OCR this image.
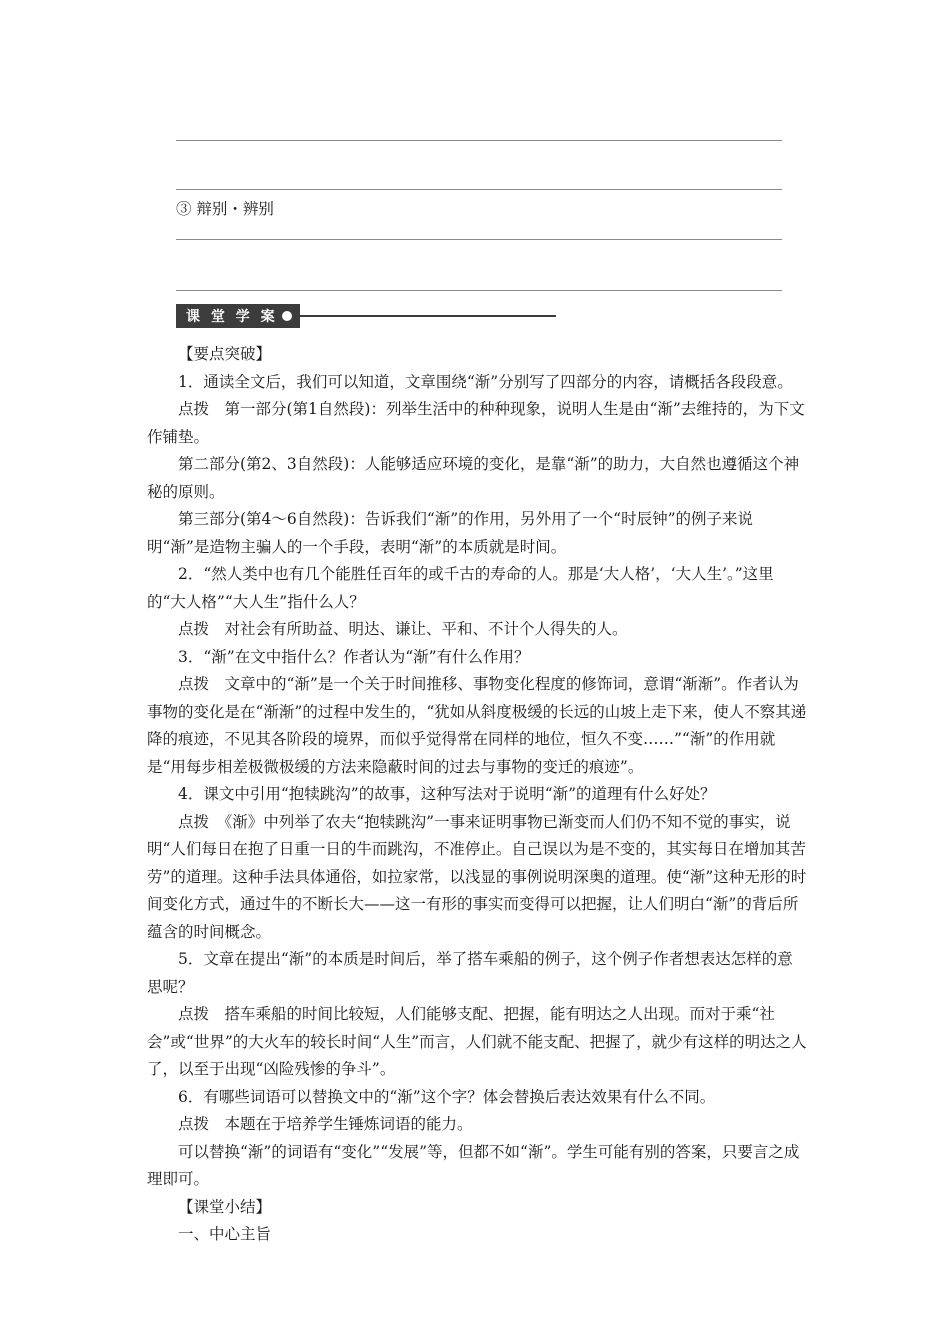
③ 辩别・辨别
课 堂 学 案

【要点突破】

1．通读全文后，我们可以知道，文章围绕“渐”分别写了四部分的内容，请概括各段段意。

点拨　第一部分(第1自然段)：列举生活中的种种现象，说明人生是由“渐”去维持的，为下文作铺垫。

第二部分(第2、3自然段)：人能够适应环境的变化，是靠“渐”的助力，大自然也遵循这个神秘的原则。

第三部分(第4～6自然段)：告诉我们“渐”的作用，另外用了一个“时辰钟”的例子来说明“渐”是造物主骗人的一个手段，表明“渐”的本质就是时间。

2．“然人类中也有几个能胜任百年的或千古的寿命的人。那是‘大人格’，‘大人生’。”这里的“大人格”“大人生”指什么人？

点拨　对社会有所助益、明达、谦让、平和、不计个人得失的人。

3．“渐”在文中指什么？作者认为“渐”有什么作用？

点拨　文章中的“渐”是一个关于时间推移、事物变化程度的修饰词，意谓“渐渐”。作者认为事物的变化是在“渐渐”的过程中发生的，“犹如从斜度极缓的长远的山坡上走下来，使人不察其递降的痕迹，不见其各阶段的境界，而似乎觉得常在同样的地位，恒久不变……”“渐”的作用就是“用每步相差极微极缓的方法来隐蔽时间的过去与事物的变迁的痕迹”。

4．课文中引用“抱犊跳沟”的故事，这种写法对于说明“渐”的道理有什么好处？

点拨　《渐》中列举了农夫“抱犊跳沟”一事来证明事物已渐变而人们仍不知不觉的事实，说明“人们每日在抱了日重一日的牛而跳沟，不准停止。自己误以为是不变的，其实每日在增加其苦劳”的道理。这种手法具体通俗，如拉家常，以浅显的事例说明深奥的道理。使“渐”这种无形的时间变化方式，通过牛的不断长大——这一有形的事实而变得可以把握，让人们明白“渐”的背后所蕴含的时间概念。

5．文章在提出“渐”的本质是时间后，举了搭车乘船的例子，这个例子作者想表达怎样的意思呢？

点拨　搭车乘船的时间比较短，人们能够支配、把握，能有明达之人出现。而对于乘“社会”或“世界”的大火车的较长时间“人生”而言，人们就不能支配、把握了，就少有这样的明达之人了，以至于出现“凶险残惨的争斗”。

6．有哪些词语可以替换文中的“渐”这个字？体会替换后表达效果有什么不同。

点拨　本题在于培养学生锤炼词语的能力。

可以替换“渐”的词语有“变化”“发展”等，但都不如“渐”。学生可能有别的答案，只要言之成理即可。

【课堂小结】

一、中心主旨
